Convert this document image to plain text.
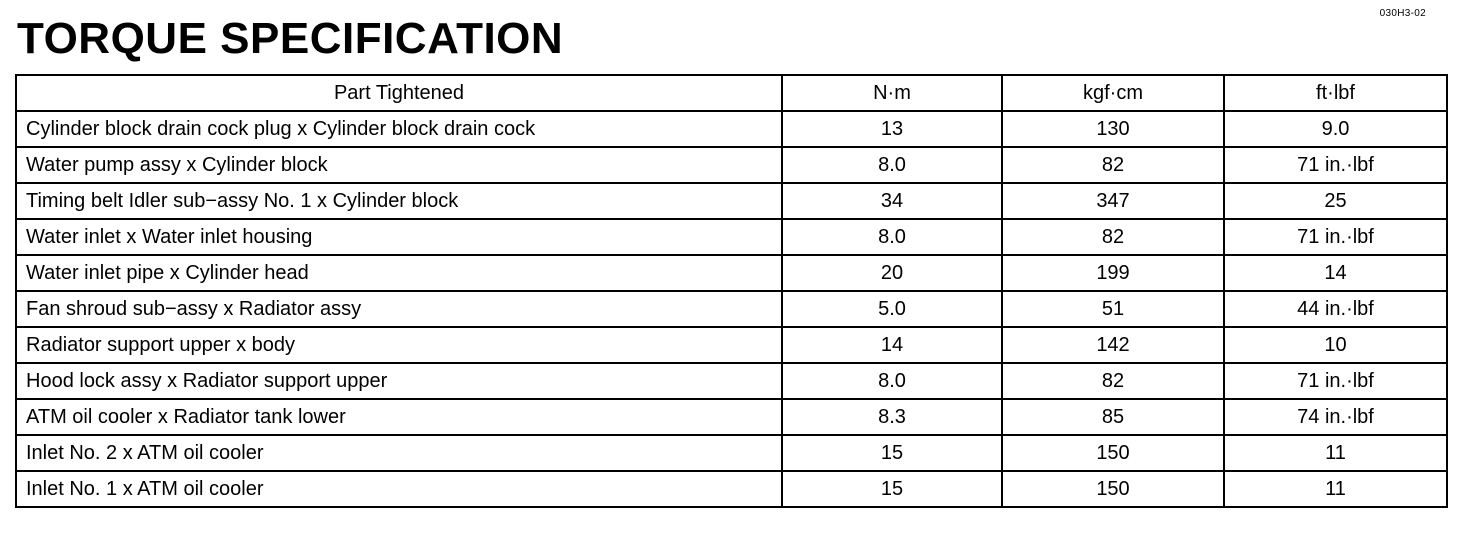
030H3-02
TORQUE SPECIFICATION
Part Tightened	N·m	kgf·cm	ft·lbf
Cylinder block drain cock plug x Cylinder block drain cock	13	130	9.0
Water pump assy x Cylinder block	8.0	82	71 in.·lbf
Timing belt Idler sub−assy No. 1 x Cylinder block	34	347	25
Water inlet x Water inlet housing	8.0	82	71 in.·lbf
Water inlet pipe x Cylinder head	20	199	14
Fan shroud sub−assy x Radiator assy	5.0	51	44 in.·lbf
Radiator support upper x body	14	142	10
Hood lock assy x Radiator support upper	8.0	82	71 in.·lbf
ATM oil cooler x Radiator tank lower	8.3	85	74 in.·lbf
Inlet No. 2 x ATM oil cooler	15	150	11
Inlet No. 1 x ATM oil cooler	15	150	11
